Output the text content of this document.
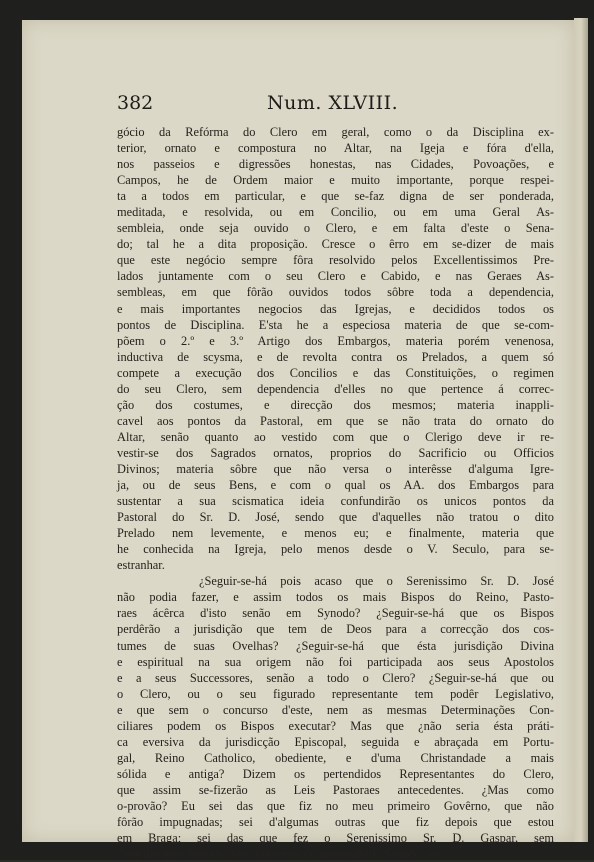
382	Num. XLVIII.

gócio da Refórma do Clero em geral, como o da Disciplina ex-
terior, ornato e compostura no Altar, na Igeja e fóra d'ella,
nos passeios e digressões honestas, nas Cidades, Povoações, e
Campos, he de Ordem maior e muito importante, porque respei-
ta a todos em particular, e que se-faz digna de ser ponderada,
meditada, e resolvida, ou em Concilio, ou em uma Geral As-
sembleia, onde seja ouvido o Clero, e em falta d'este o Sena-
do; tal he a dita proposição. Cresce o êrro em se-dizer de mais
que este negócio sempre fôra resolvido pelos Excellentissimos Pre-
lados juntamente com o seu Clero e Cabido, e nas Geraes As-
sembleas, em que fôrão ouvidos todos sôbre toda a dependencia,
e mais importantes negocios das Igrejas, e decididos todos os
pontos de Disciplina. E'sta he a especiosa materia de que se-com-
põem o 2.º e 3.º Artigo dos Embargos, materia porém venenosa,
inductiva de scysma, e de revolta contra os Prelados, a quem só
compete a execução dos Concilios e das Constituições, o regimen
do seu Clero, sem dependencia d'elles no que pertence á correc-
ção dos costumes, e direcção dos mesmos; materia inappli-
cavel aos pontos da Pastoral, em que se não trata do ornato do
Altar, senão quanto ao vestido com que o Clerigo deve ir re-
vestir-se dos Sagrados ornatos, proprios do Sacrificio ou Officios
Divinos; materia sôbre que não versa o interêsse d'alguma Igre-
ja, ou de seus Bens, e com o qual os AA. dos Embargos para
sustentar a sua scismatica ideia confundirão os unicos pontos da
Pastoral do Sr. D. José, sendo que d'aquelles não tratou o dito
Prelado nem levemente, e menos eu; e finalmente, materia que
he conhecida na Igreja, pelo menos desde o V. Seculo, para se-
estranhar.

¿Seguir-se-há pois acaso que o Serenissimo Sr. D. José
não podia fazer, e assim todos os mais Bispos do Reino, Pasto-
raes ácêrca d'isto senão em Synodo? ¿Seguir-se-há que os Bispos
perdêrão a jurisdição que tem de Deos para a correcção dos cos-
tumes de suas Ovelhas? ¿Seguir-se-há que ésta jurisdição Divina
e espiritual na sua origem não foi participada aos seus Apostolos
e a seus Successores, senão a todo o Clero? ¿Seguir-se-há que ou
o Clero, ou o seu figurado representante tem podêr Legislativo,
e que sem o concurso d'este, nem as mesmas Determinações Con-
ciliares podem os Bispos executar? Mas que ¿não seria ésta práti-
ca eversiva da jurisdicção Episcopal, seguida e abraçada em Portu-
gal, Reino Catholico, obediente, e d'uma Christandade a mais
sólida e antiga? Dizem os pertendidos Representantes do Clero,
que assim se-fizerão as Leis Pastoraes antecedentes. ¿Mas como
o-provão? Eu sei das que fiz no meu primeiro Govêrno, que não
fôrão impugnadas; sei d'algumas outras que fiz depois que estou
em Braga; sei das que fez o Serenissimo Sr. D. Gaspar, sem
Concilio nem Synodo, nem consenso do denominado Senado: sei
